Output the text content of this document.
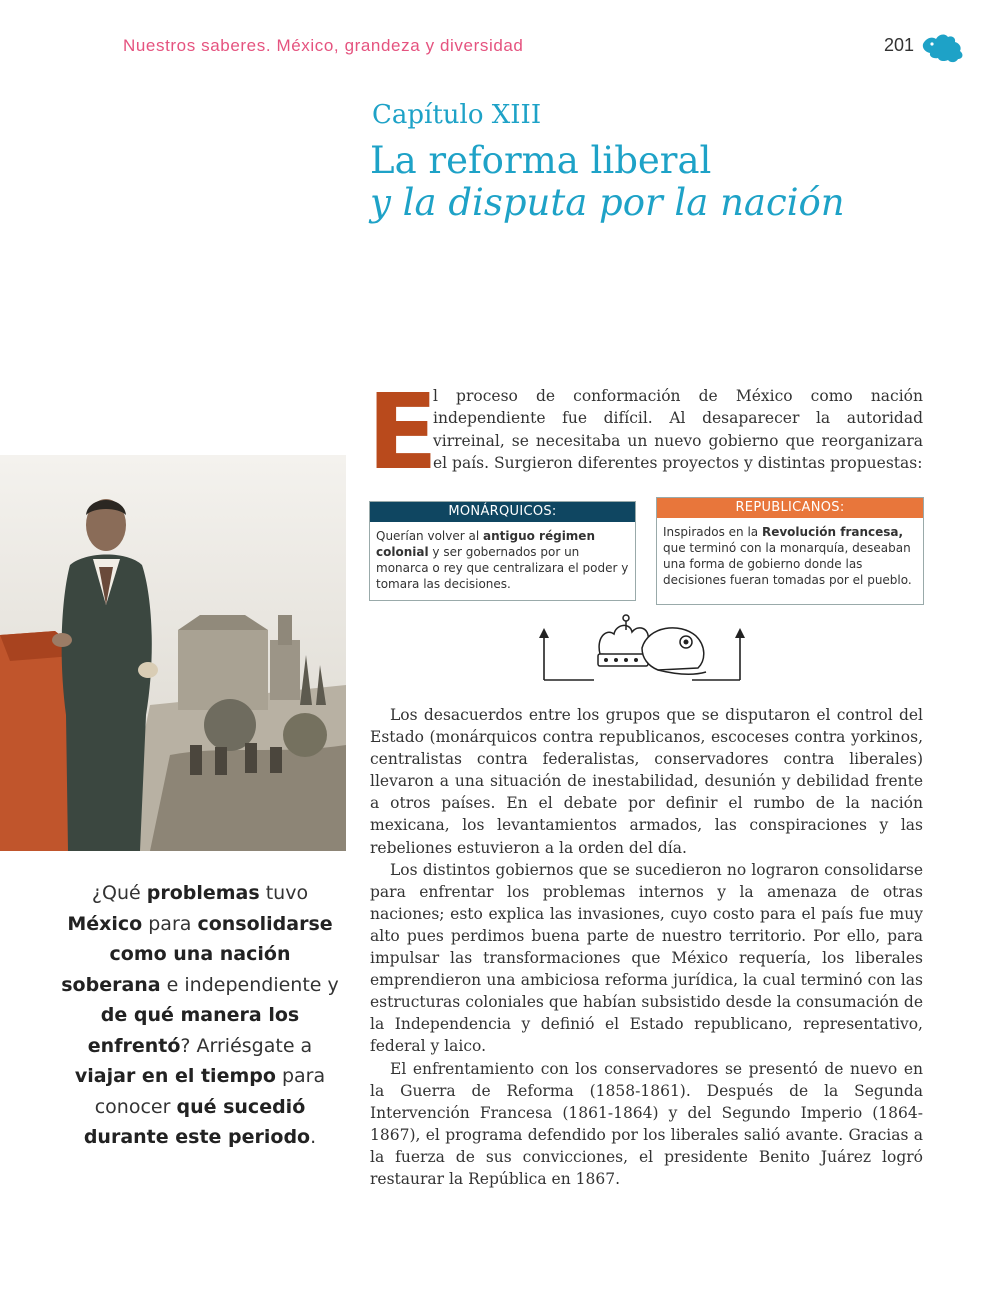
Nuestros saberes. México, grandeza y diversidad	201
Capítulo XIII
La reforma liberal
y la disputa por la nación
¿Qué problemas tuvo México para consolidarse como una nación soberana e independiente y de qué manera los enfrentó? Arriésgate a viajar en el tiempo para conocer qué sucedió durante este periodo.
E
l proceso de conformación de México como nación independiente fue difícil. Al desaparecer la autoridad virreinal, se necesitaba un nuevo gobierno que reorganizara el país. Surgieron diferentes proyectos y distintas propuestas:
MONÁRQUICOS:
Querían volver al antiguo régimen colonial y ser gobernados por un monarca o rey que centralizara el poder y tomara las decisiones.
REPUBLICANOS:
Inspirados en la Revolución francesa, que terminó con la monarquía, deseaban una forma de gobierno donde las decisiones fueran tomadas por el pueblo.

Los desacuerdos entre los grupos que se disputaron el control del Estado (monárquicos contra republicanos, escoceses contra yorkinos, centralistas contra federalistas, conservadores contra liberales) llevaron a una situación de inestabilidad, desunión y debilidad frente a otros países. En el debate por definir el rumbo de la nación mexicana, los levantamientos armados, las conspiraciones y las rebeliones estuvieron a la orden del día.

Los distintos gobiernos que se sucedieron no lograron consolidarse para enfrentar los problemas internos y la amenaza de otras naciones; esto explica las invasiones, cuyo costo para el país fue muy alto pues perdimos buena parte de nuestro territorio. Por ello, para impulsar las transformaciones que México requería, los liberales emprendieron una ambiciosa reforma jurídica, la cual terminó con las estructuras coloniales que habían subsistido desde la consumación de la Independencia y definió el Estado republicano, representativo, federal y laico.

El enfrentamiento con los conservadores se presentó de nuevo en la Guerra de Reforma (1858-1861). Después de la Segunda Intervención Francesa (1861-1864) y del Segundo Imperio (1864-1867), el programa defendido por los liberales salió avante. Gracias a la fuerza de sus convicciones, el presidente Benito Juárez logró restaurar la República en 1867.
